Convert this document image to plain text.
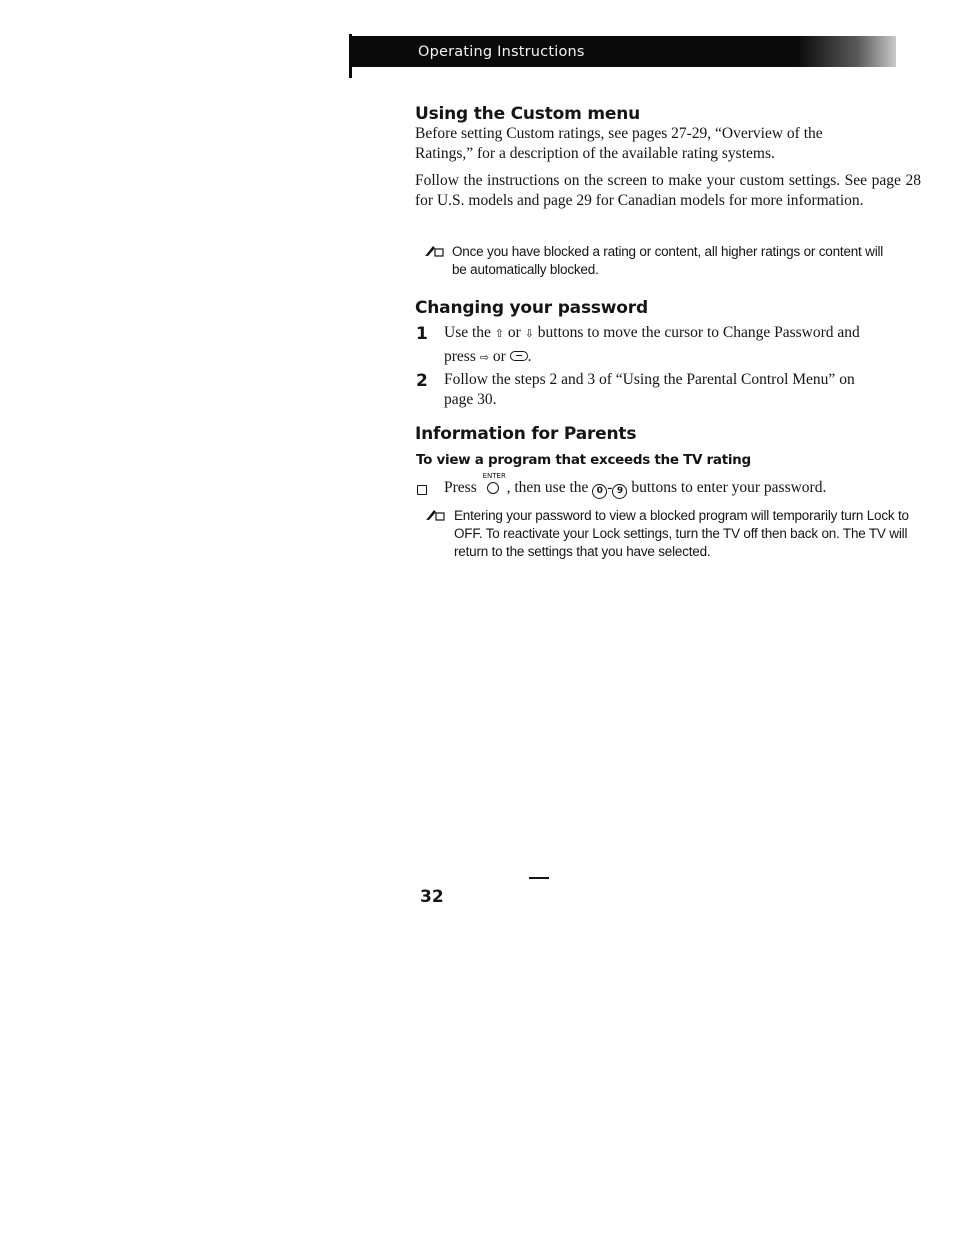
Operating Instructions
Using the Custom menu
Before setting Custom ratings, see pages 27-29, “Overview of the
Ratings,” for a description of the available rating systems.
Follow the instructions on the screen to make your custom settings. See page 28 for U.S. models and page 29 for Canadian models for more information.
Once you have blocked a rating or content, all higher ratings or content will
be automatically blocked.
Changing your password
1 Use the ⇧ or ⇩ buttons to move the cursor to Change Password and
press ⇨ or .
2 Follow the steps 2 and 3 of “Using the Parental Control Menu” on
page 30.
Information for Parents
To view a program that exceeds the TV rating
Press
ENTER
, then use the 0 - 9 buttons to enter your password.
Entering your password to view a blocked program will temporarily turn Lock to OFF. To reactivate your Lock settings, turn the TV off then back on. The TV will return to the settings that you have selected.
32
